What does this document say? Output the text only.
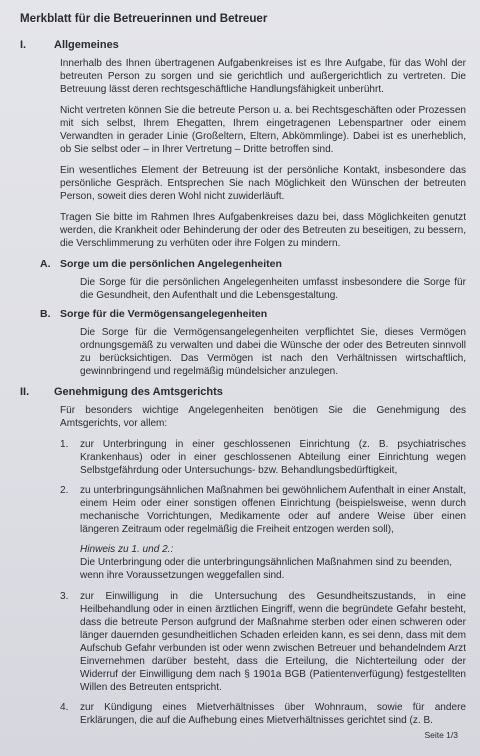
Merkblatt für die Betreuerinnen und Betreuer
I.	Allgemeines

Innerhalb des Ihnen übertragenen Aufgabenkreises ist es Ihre Aufgabe, für das Wohl der betreuten Person zu sorgen und sie gerichtlich und außergerichtlich zu vertreten. Die Betreuung lässt deren rechtsgeschäftliche Handlungsfähigkeit unberührt.

Nicht vertreten können Sie die betreute Person u. a. bei Rechtsgeschäften oder Prozessen mit sich selbst, Ihrem Ehegatten, Ihrem eingetragenen Lebenspartner oder einem Verwandten in gerader Linie (Großeltern, Eltern, Abkömmlinge). Dabei ist es unerheblich, ob Sie selbst oder – in Ihrer Vertretung – Dritte betroffen sind.

Ein wesentliches Element der Betreuung ist der persönliche Kontakt, insbesondere das persönliche Gespräch. Entsprechen Sie nach Möglichkeit den Wünschen der betreuten Person, soweit dies deren Wohl nicht zuwiderläuft.

Tragen Sie bitte im Rahmen Ihres Aufgabenkreises dazu bei, dass Möglichkeiten genutzt werden, die Krankheit oder Behinderung der oder des Betreuten zu beseitigen, zu bessern, die Verschlimmerung zu verhüten oder ihre Folgen zu mindern.

A. Sorge um die persönlichen Angelegenheiten

Die Sorge für die persönlichen Angelegenheiten umfasst insbesondere die Sorge für die Gesundheit, den Aufenthalt und die Lebensgestaltung.

B. Sorge für die Vermögensangelegenheiten

Die Sorge für die Vermögensangelegenheiten verpflichtet Sie, dieses Vermögen ordnungsgemäß zu verwalten und dabei die Wünsche der oder des Betreuten sinnvoll zu berücksichtigen. Das Vermögen ist nach den Verhältnissen wirtschaftlich, gewinnbringend und regelmäßig mündelsicher anzulegen.

II.	Genehmigung des Amtsgerichts

Für besonders wichtige Angelegenheiten benötigen Sie die Genehmigung des Amtsgerichts, vor allem:

1.	zur Unterbringung in einer geschlossenen Einrichtung (z. B. psychiatrisches Krankenhaus) oder in einer geschlossenen Abteilung einer Einrichtung wegen Selbstgefährdung oder Untersuchungs- bzw. Behandlungsbedürftigkeit,
2.	zu unterbringungsähnlichen Maßnahmen bei gewöhnlichem Aufenthalt in einer Anstalt, einem Heim oder einer sonstigen offenen Einrichtung (beispielsweise, wenn durch mechanische Vorrichtungen, Medikamente oder auf andere Weise über einen längeren Zeitraum oder regelmäßig die Freiheit entzogen werden soll),
Hinweis zu 1. und 2.:
Die Unterbringung oder die unterbringungsähnlichen Maßnahmen sind zu beenden, wenn ihre Voraussetzungen weggefallen sind.
3.	zur Einwilligung in die Untersuchung des Gesundheitszustands, in eine Heilbehandlung oder in einen ärztlichen Eingriff, wenn die begründete Gefahr besteht, dass die betreute Person aufgrund der Maßnahme sterben oder einen schweren oder länger dauernden gesundheitlichen Schaden erleiden kann, es sei denn, dass mit dem Aufschub Gefahr verbunden ist oder wenn zwischen Betreuer und behandelndem Arzt Einvernehmen darüber besteht, dass die Erteilung, die Nichterteilung oder der Widerruf der Einwilligung dem nach § 1901a BGB (Patientenverfügung) festgestellten Willen des Betreuten entspricht.
4.	zur Kündigung eines Mietverhältnisses über Wohnraum, sowie für andere Erklärungen, die auf die Aufhebung eines Mietverhältnisses gerichtet sind (z. B.
Seite 1/3
